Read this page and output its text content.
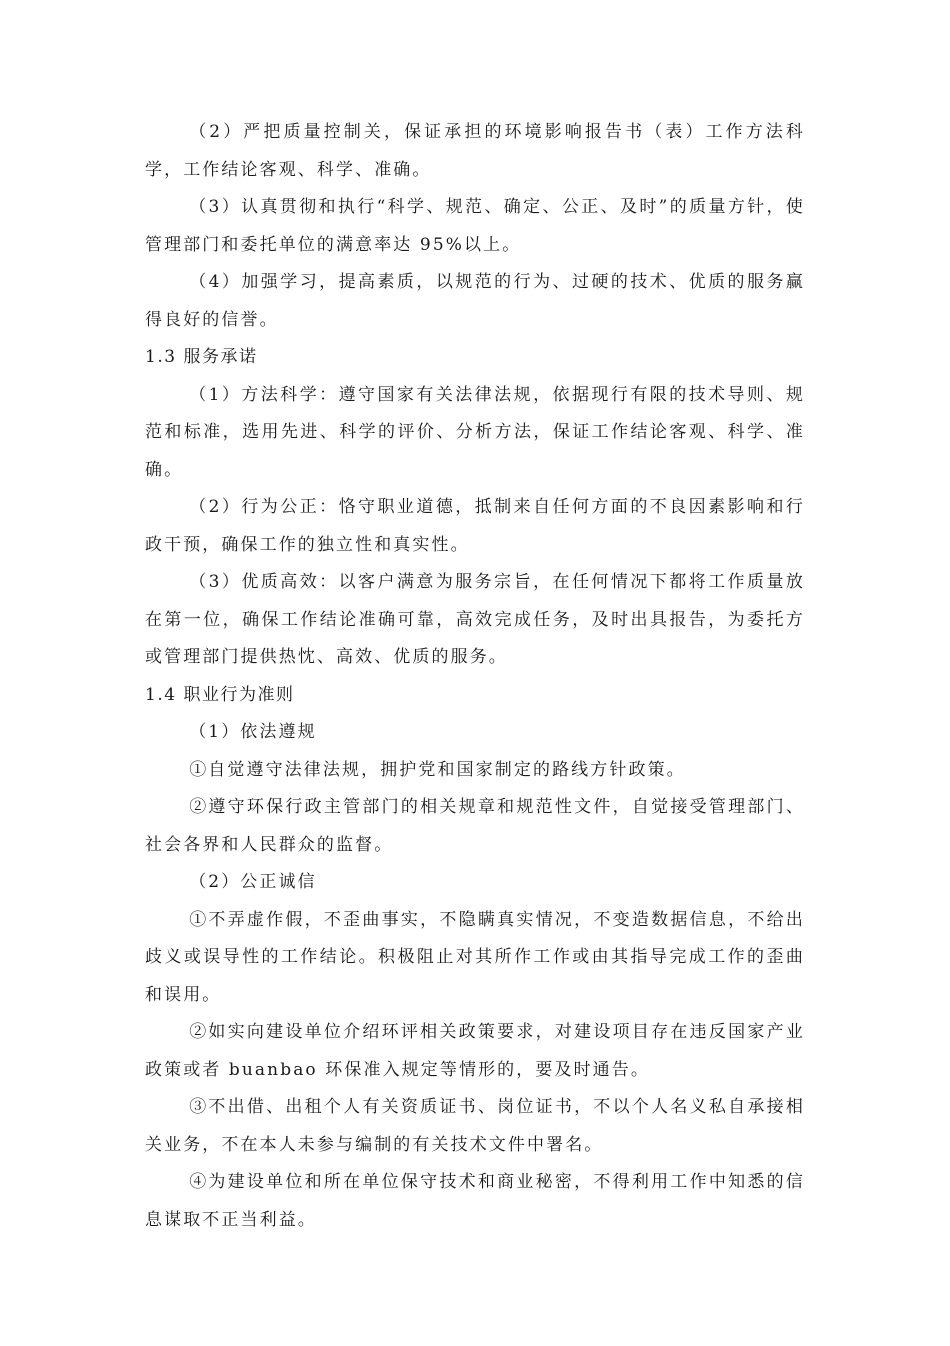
（2）严把质量控制关，保证承担的环境影响报告书（表）工作方法科学，工作结论客观、科学、准确。

（3）认真贯彻和执行“科学、规范、确定、公正、及时”的质量方针，使管理部门和委托单位的满意率达 95%以上。

（4）加强学习，提高素质，以规范的行为、过硬的技术、优质的服务赢得良好的信誉。

1.3 服务承诺

（1）方法科学：遵守国家有关法律法规，依据现行有限的技术导则、规范和标准，选用先进、科学的评价、分析方法，保证工作结论客观、科学、准确。

（2）行为公正：恪守职业道德，抵制来自任何方面的不良因素影响和行政干预，确保工作的独立性和真实性。

（3）优质高效：以客户满意为服务宗旨，在任何情况下都将工作质量放在第一位，确保工作结论准确可靠，高效完成任务，及时出具报告，为委托方或管理部门提供热忱、高效、优质的服务。

1.4 职业行为准则

（1）依法遵规

①自觉遵守法律法规，拥护党和国家制定的路线方针政策。

②遵守环保行政主管部门的相关规章和规范性文件，自觉接受管理部门、社会各界和人民群众的监督。

（2）公正诚信

①不弄虚作假，不歪曲事实，不隐瞒真实情况，不变造数据信息，不给出歧义或误导性的工作结论。积极阻止对其所作工作或由其指导完成工作的歪曲和误用。

②如实向建设单位介绍环评相关政策要求，对建设项目存在违反国家产业政策或者 buanbao 环保准入规定等情形的，要及时通告。

③不出借、出租个人有关资质证书、岗位证书，不以个人名义私自承接相关业务，不在本人未参与编制的有关技术文件中署名。

④为建设单位和所在单位保守技术和商业秘密，不得利用工作中知悉的信息谋取不正当利益。
